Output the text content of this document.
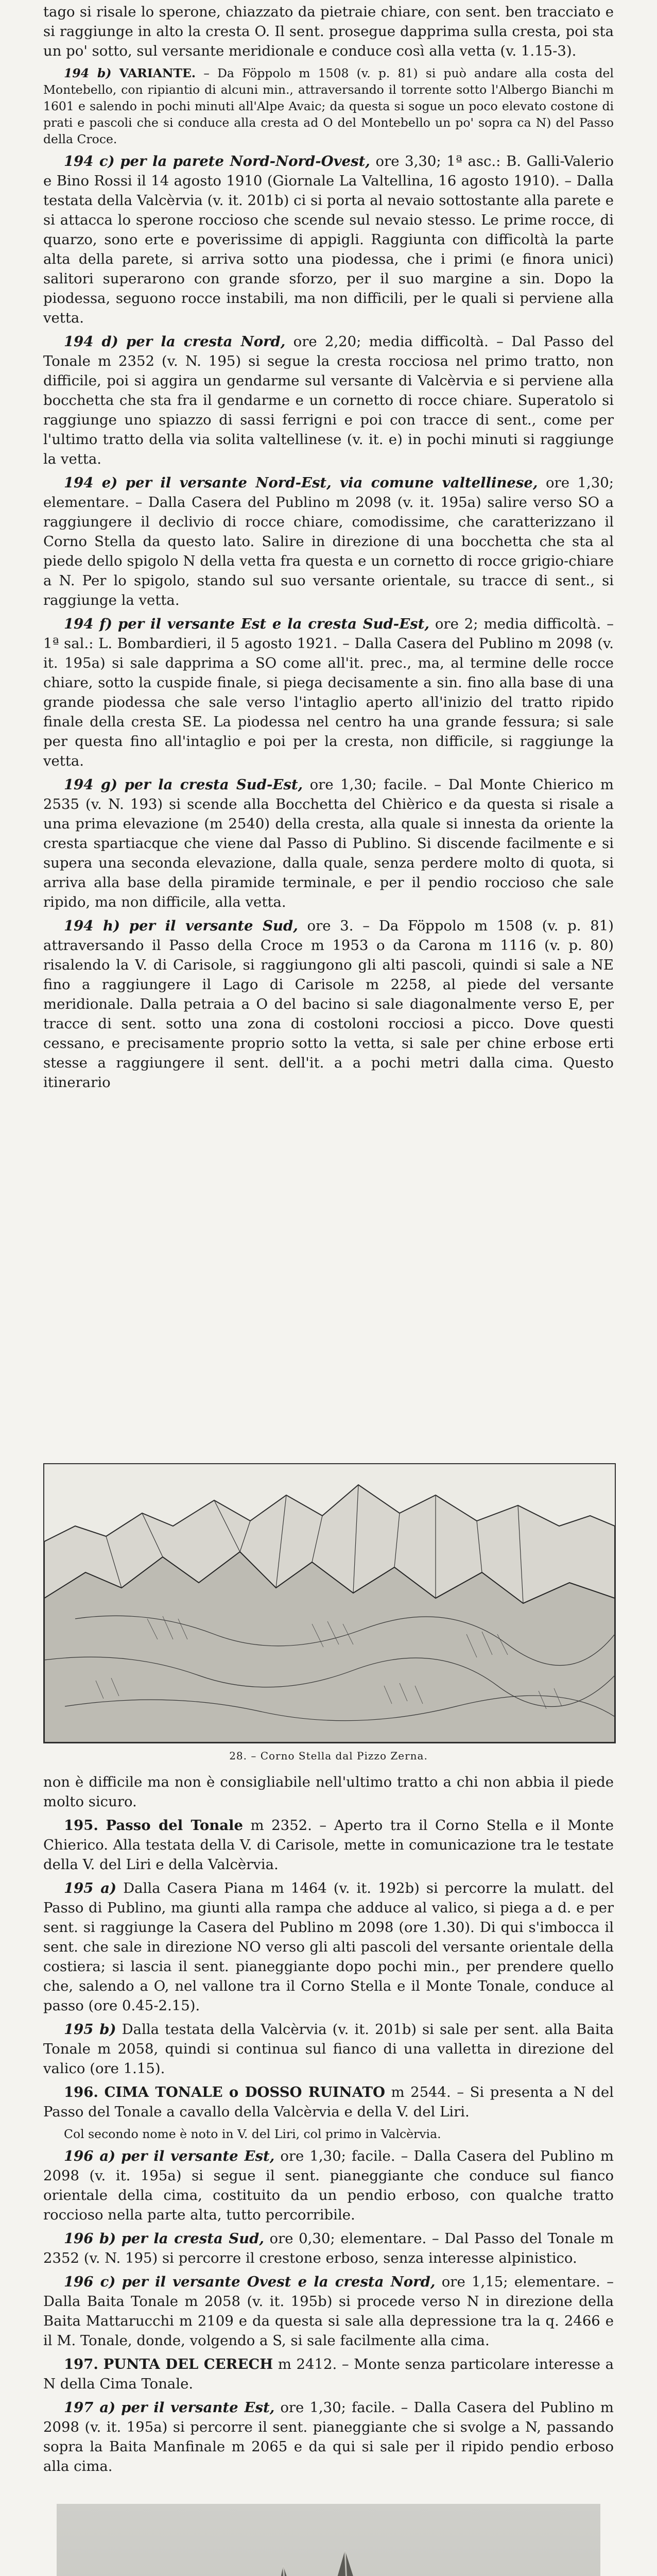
tago si risale lo sperone, chiazzato da pietraie chiare, con sent. ben tracciato e si raggiunge in alto la cresta O. Il sent. prosegue dapprima sulla cresta, poi sta un po' sotto, sul versante meridionale e conduce così alla vetta (v. 1.15-3).

194 b) VARIANTE. – Da Föppolo m 1508 (v. p. 81) si può andare alla costa del Montebello, con ripiantio di alcuni min., attraversando il torrente sotto l'Albergo Bianchi m 1601 e salendo in pochi minuti all'Alpe Avaic; da questa si sogue un poco elevato costone di prati e pascoli che si conduce alla cresta ad O del Montebello un po' sopra ca N) del Passo della Croce.

194 c) per la parete Nord-Nord-Ovest, ore 3,30; 1ª asc.: B. Galli-Valerio e Bino Rossi il 14 agosto 1910 (Giornale La Valtellina, 16 agosto 1910). – Dalla testata della Valcèrvia (v. it. 201b) ci si porta al nevaio sottostante alla parete e si attacca lo sperone roccioso che scende sul nevaio stesso. Le prime rocce, di quarzo, sono erte e poverissime di appigli. Raggiunta con difficoltà la parte alta della parete, si arriva sotto una piodessa, che i primi (e finora unici) salitori superarono con grande sforzo, per il suo margine a sin. Dopo la piodessa, seguono rocce instabili, ma non difficili, per le quali si perviene alla vetta.

194 d) per la cresta Nord, ore 2,20; media difficoltà. – Dal Passo del Tonale m 2352 (v. N. 195) si segue la cresta rocciosa nel primo tratto, non difficile, poi si aggira un gendarme sul versante di Valcèrvia e si perviene alla bocchetta che sta fra il gendarme e un cornetto di rocce chiare. Superatolo si raggiunge uno spiazzo di sassi ferrigni e poi con tracce di sent., come per l'ultimo tratto della via solita valtellinese (v. it. e) in pochi minuti si raggiunge la vetta.

194 e) per il versante Nord-Est, via comune valtellinese, ore 1,30; elementare. – Dalla Casera del Publino m 2098 (v. it. 195a) salire verso SO a raggiungere il declivio di rocce chiare, comodissime, che caratterizzano il Corno Stella da questo lato. Salire in direzione di una bocchetta che sta al piede dello spigolo N della vetta fra questa e un cornetto di rocce grigio-chiare a N. Per lo spigolo, stando sul suo versante orientale, su tracce di sent., si raggiunge la vetta.

194 f) per il versante Est e la cresta Sud-Est, ore 2; media difficoltà. – 1ª sal.: L. Bombardieri, il 5 agosto 1921. – Dalla Casera del Publino m 2098 (v. it. 195a) si sale dapprima a SO come all'it. prec., ma, al termine delle rocce chiare, sotto la cuspide finale, si piega decisamente a sin. fino alla base di una grande piodessa che sale verso l'intaglio aperto all'inizio del tratto ripido finale della cresta SE. La piodessa nel centro ha una grande fessura; si sale per questa fino all'intaglio e poi per la cresta, non difficile, si raggiunge la vetta.

194 g) per la cresta Sud-Est, ore 1,30; facile. – Dal Monte Chierico m 2535 (v. N. 193) si scende alla Bocchetta del Chièrico e da questa si risale a una prima elevazione (m 2540) della cresta, alla quale si innesta da oriente la cresta spartiacque che viene dal Passo di Publino. Si discende facilmente e si supera una seconda elevazione, dalla quale, senza perdere molto di quota, si arriva alla base della piramide terminale, e per il pendio roccioso che sale ripido, ma non difficile, alla vetta.

194 h) per il versante Sud, ore 3. – Da Föppolo m 1508 (v. p. 81) attraversando il Passo della Croce m 1953 o da Carona m 1116 (v. p. 80) risalendo la V. di Carisole, si raggiungono gli alti pascoli, quindi si sale a NE fino a raggiungere il Lago di Carisole m 2258, al piede del versante meridionale. Dalla petraia a O del bacino si sale diagonalmente verso E, per tracce di sent. sotto una zona di costoloni rocciosi a picco. Dove questi cessano, e precisamente proprio sotto la vetta, si sale per chine erbose erti stesse a raggiungere il sent. dell'it. a a pochi metri dalla cima. Questo itinerario

28. – Corno Stella dal Pizzo Zerna.

non è difficile ma non è consigliabile nell'ultimo tratto a chi non abbia il piede molto sicuro.

195. Passo del Tonale m 2352. – Aperto tra il Corno Stella e il Monte Chierico. Alla testata della V. di Carisole, mette in comunicazione tra le testate della V. del Liri e della Valcèrvia.

195 a) Dalla Casera Piana m 1464 (v. it. 192b) si percorre la mulatt. del Passo di Publino, ma giunti alla rampa che adduce al valico, si piega a d. e per sent. si raggiunge la Casera del Publino m 2098 (ore 1.30). Di qui s'imbocca il sent. che sale in direzione NO verso gli alti pascoli del versante orientale della costiera; si lascia il sent. pianeggiante dopo pochi min., per prendere quello che, salendo a O, nel vallone tra il Corno Stella e il Monte Tonale, conduce al passo (ore 0.45-2.15).

195 b) Dalla testata della Valcèrvia (v. it. 201b) si sale per sent. alla Baita Tonale m 2058, quindi si continua sul fianco di una valletta in direzione del valico (ore 1.15).

196. CIMA TONALE o DOSSO RUINATO m 2544. – Si presenta a N del Passo del Tonale a cavallo della Valcèrvia e della V. del Liri.

Col secondo nome è noto in V. del Liri, col primo in Valcèrvia.

196 a) per il versante Est, ore 1,30; facile. – Dalla Casera del Publino m 2098 (v. it. 195a) si segue il sent. pianeggiante che conduce sul fianco orientale della cima, costituito da un pendio erboso, con qualche tratto roccioso nella parte alta, tutto percorribile.

196 b) per la cresta Sud, ore 0,30; elementare. – Dal Passo del Tonale m 2352 (v. N. 195) si percorre il crestone erboso, senza interesse alpinistico.

196 c) per il versante Ovest e la cresta Nord, ore 1,15; elementare. – Dalla Baita Tonale m 2058 (v. it. 195b) si procede verso N in direzione della Baita Mattarucchi m 2109 e da questa si sale alla depressione tra la q. 2466 e il M. Tonale, donde, volgendo a S, si sale facilmente alla cima.

197. PUNTA DEL CERECH m 2412. – Monte senza particolare interesse a N della Cima Tonale.

197 a) per il versante Est, ore 1,30; facile. – Dalla Casera del Publino m 2098 (v. it. 195a) si percorre il sent. pianeggiante che si svolge a N, passando sopra la Baita Manfinale m 2065 e da qui si sale per il ripido pendio erboso alla cima.
